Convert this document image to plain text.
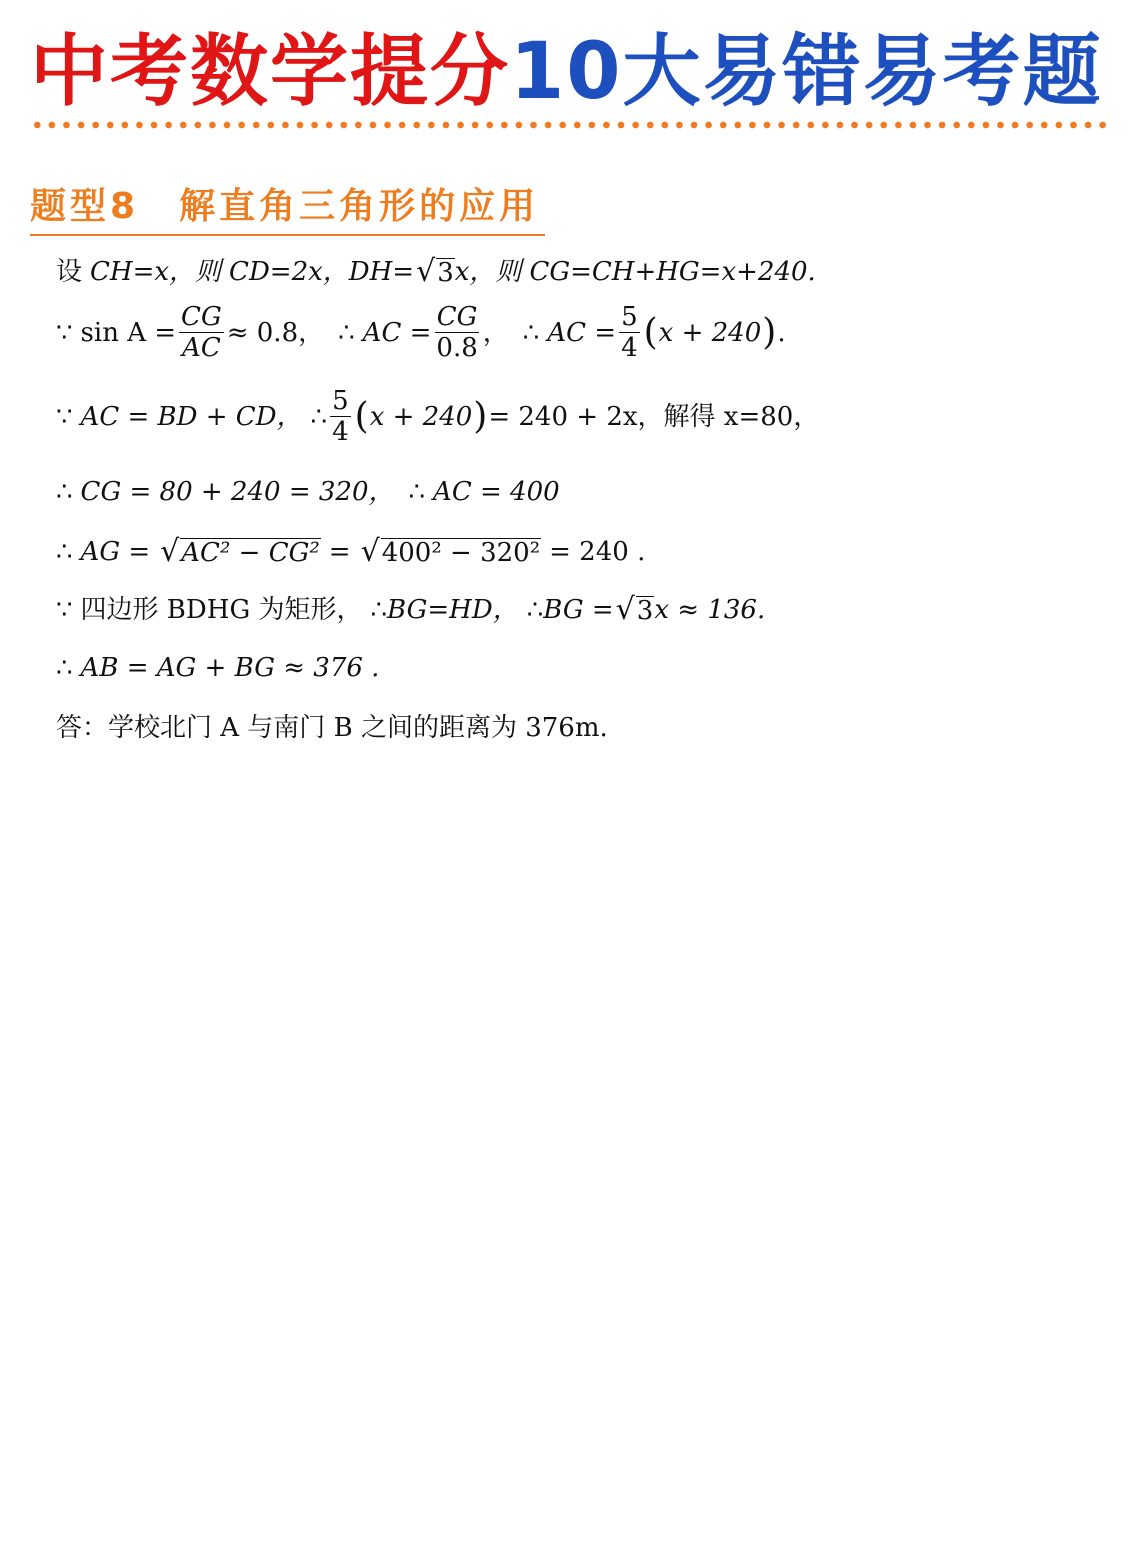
中考数学提分10大易错易考题
题型8 解直角三角形的应用
设 CH=x，则 CD=2x，DH= √ 3 x，则 CG=CH+HG=x+240.
∵ $\sin A = \frac{CG}{AC} \approx 0.8$， ∴ AC = $\frac{CG}{0.8}$ ， ∴ AC = $\frac{5}{4}$ ( x + 240 ) .
∵ AC = BD + CD， ∴ $\frac{5}{4}$ ( x + 240 ) = 240 + 2x，解得 x=80，
∴ CG = 80 + 240 = 320， ∴ AC = 400
∴ AG = √ AC² − CG² = √ 400² − 320² = 240 .
∵ 四边形 BDHG 为矩形， ∴ BG=HD， ∴ BG = √ 3 x ≈ 136.
∴ AB = AG + BG ≈ 376 .
答：学校北门 A 与南门 B 之间的距离为 376m.
